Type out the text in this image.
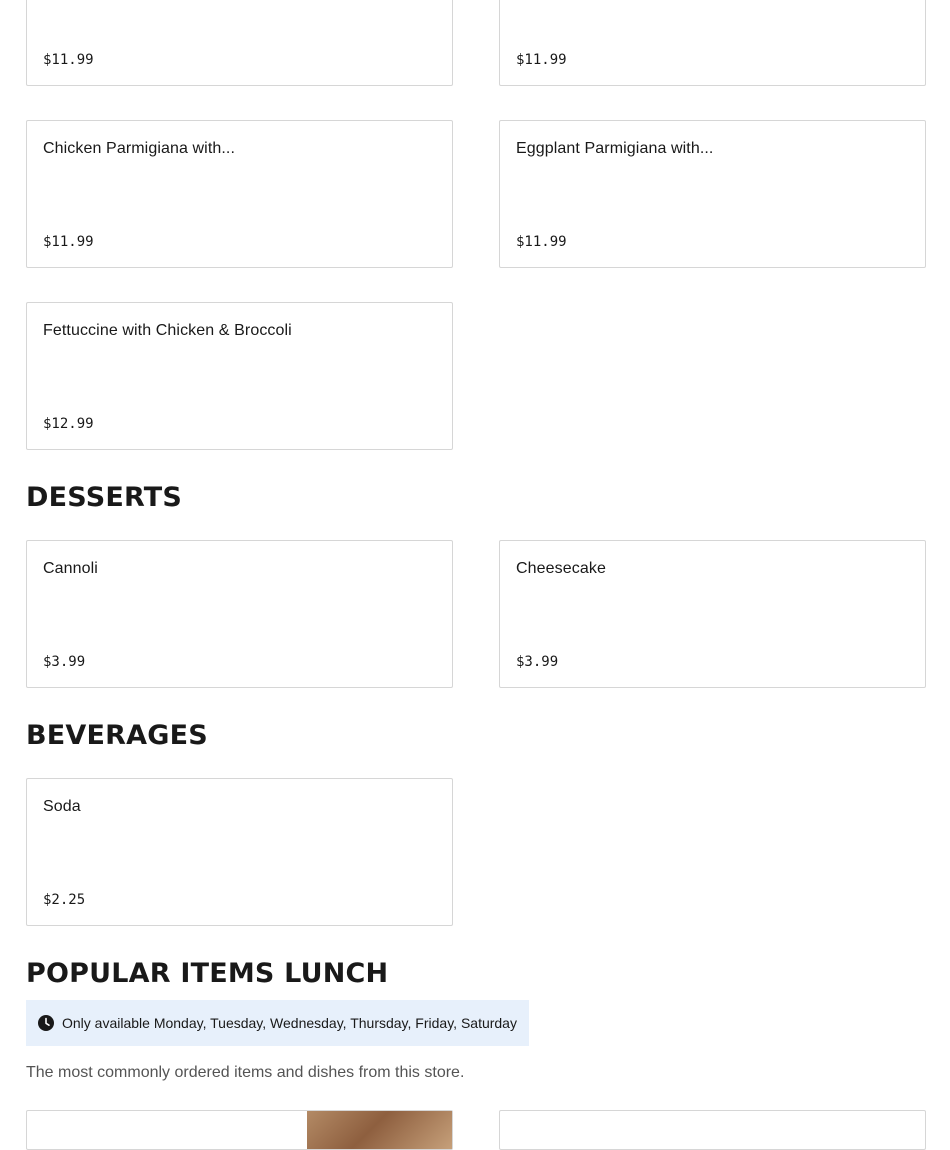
$11.99	$11.99
Chicken Parmigiana with...
$11.99
Eggplant Parmigiana with...
$11.99
Fettuccine with Chicken & Broccoli
$12.99
DESSERTS
Cannoli
$3.99
Cheesecake
$3.99
BEVERAGES
Soda
$2.25
POPULAR ITEMS LUNCH
Only available Monday, Tuesday, Wednesday, Thursday, Friday, Saturday

The most commonly ordered items and dishes from this store.
